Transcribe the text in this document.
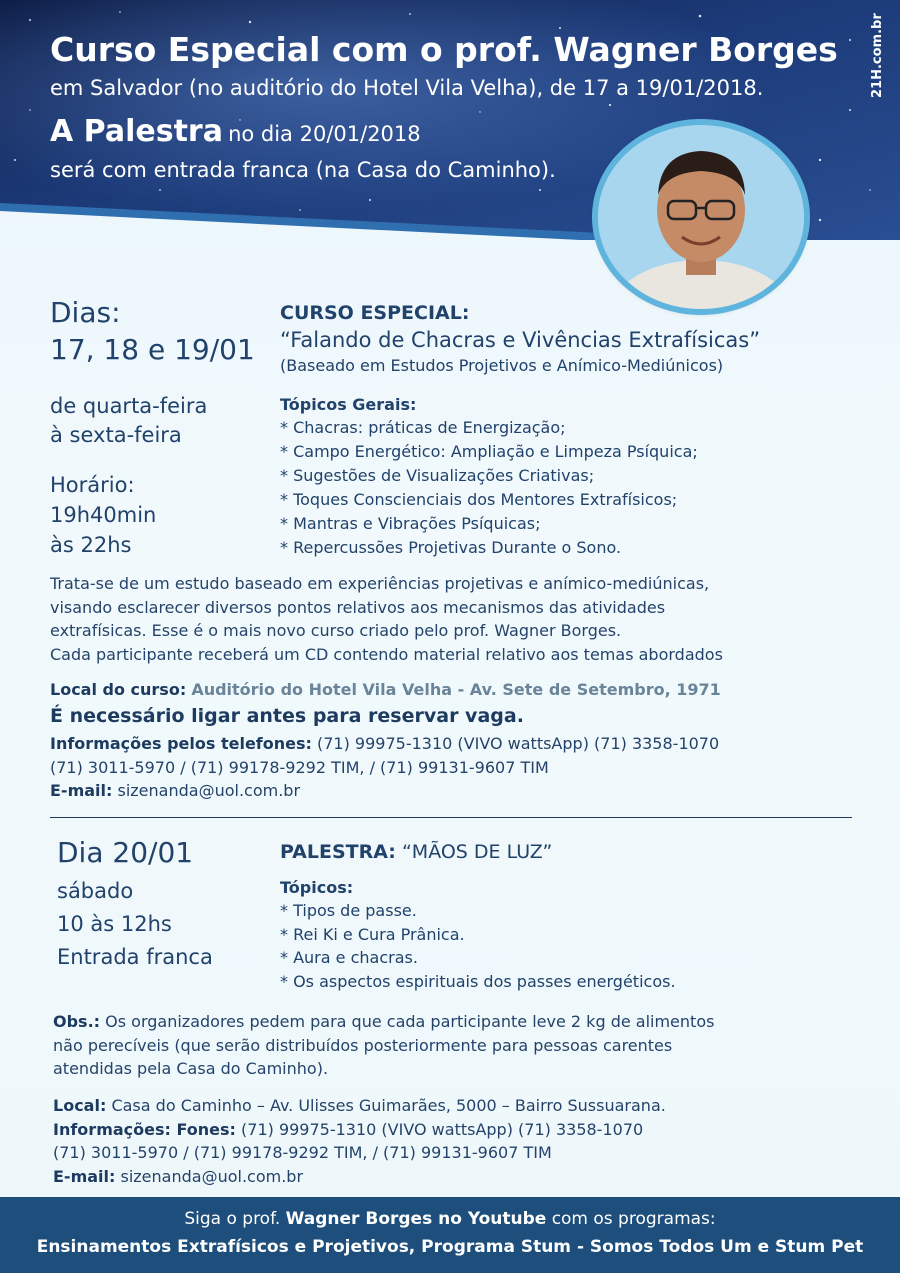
Curso Especial com o prof. Wagner Borges
em Salvador (no auditório do Hotel Vila Velha), de 17 a 19/01/2018.
A Palestra no dia 20/01/2018
será com entrada franca (na Casa do Caminho).
21H.com.br
Dias:
17, 18 e 19/01
de quarta-feira
à sexta-feira
Horário:
19h40min
às 22hs
CURSO ESPECIAL:
“Falando de Chacras e Vivências Extrafísicas”
(Baseado em Estudos Projetivos e Anímico-Mediúnicos)
Tópicos Gerais:
* Chacras: práticas de Energização;
* Campo Energético: Ampliação e Limpeza Psíquica;
* Sugestões de Visualizações Criativas;
* Toques Conscienciais dos Mentores Extrafísicos;
* Mantras e Vibrações Psíquicas;
* Repercussões Projetivas Durante o Sono.
Trata-se de um estudo baseado em experiências projetivas e anímico-mediúnicas,
visando esclarecer diversos pontos relativos aos mecanismos das atividades
extrafísicas. Esse é o mais novo curso criado pelo prof. Wagner Borges.
Cada participante receberá um CD contendo material relativo aos temas abordados
Local do curso: Auditório do Hotel Vila Velha - Av. Sete de Setembro, 1971
É necessário ligar antes para reservar vaga.
Informações pelos telefones: (71) 99975-1310 (VIVO wattsApp) (71) 3358-1070
(71) 3011-5970 / (71) 99178-9292 TIM, / (71) 99131-9607 TIM
E-mail: sizenanda@uol.com.br
Dia 20/01
sábado
10 às 12hs
Entrada franca
PALESTRA: “MÃOS DE LUZ”
Tópicos:
* Tipos de passe.
* Rei Ki e Cura Prânica.
* Aura e chacras.
* Os aspectos espirituais dos passes energéticos.
Obs.: Os organizadores pedem para que cada participante leve 2 kg de alimentos
não perecíveis (que serão distribuídos posteriormente para pessoas carentes
atendidas pela Casa do Caminho).
Local: Casa do Caminho – Av. Ulisses Guimarães, 5000 – Bairro Sussuarana.
Informações: Fones: (71) 99975-1310 (VIVO wattsApp) (71) 3358-1070
(71) 3011-5970 / (71) 99178-9292 TIM, / (71) 99131-9607 TIM
E-mail: sizenanda@uol.com.br
Siga o prof. Wagner Borges no Youtube com os programas:
Ensinamentos Extrafísicos e Projetivos, Programa Stum - Somos Todos Um e Stum Pet
